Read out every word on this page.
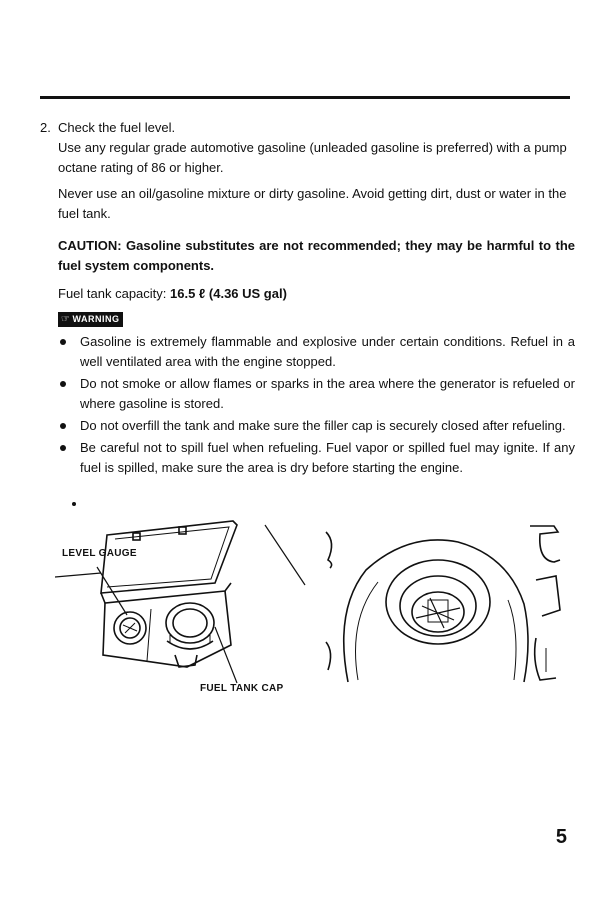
2. Check the fuel level.

Use any regular grade automotive gasoline (unleaded gasoline is preferred) with a pump octane rating of 86 or higher.

Never use an oil/gasoline mixture or dirty gasoline. Avoid getting dirt, dust or water in the fuel tank.

CAUTION: Gasoline substitutes are not recommended; they may be harmful to the fuel system components.
Fuel tank capacity: 16.5 ℓ (4.36 US gal)
☞ WARNING
Gasoline is extremely flammable and explosive under certain conditions. Refuel in a well ventilated area with the engine stopped.
Do not smoke or allow flames or sparks in the area where the generator is refueled or where gasoline is stored.
Do not overfill the tank and make sure the filler cap is securely closed after refueling.
Be careful not to spill fuel when refueling. Fuel vapor or spilled fuel may ignite. If any fuel is spilled, make sure the area is dry before starting the engine.
LEVEL GAUGE
FUEL TANK CAP
5
